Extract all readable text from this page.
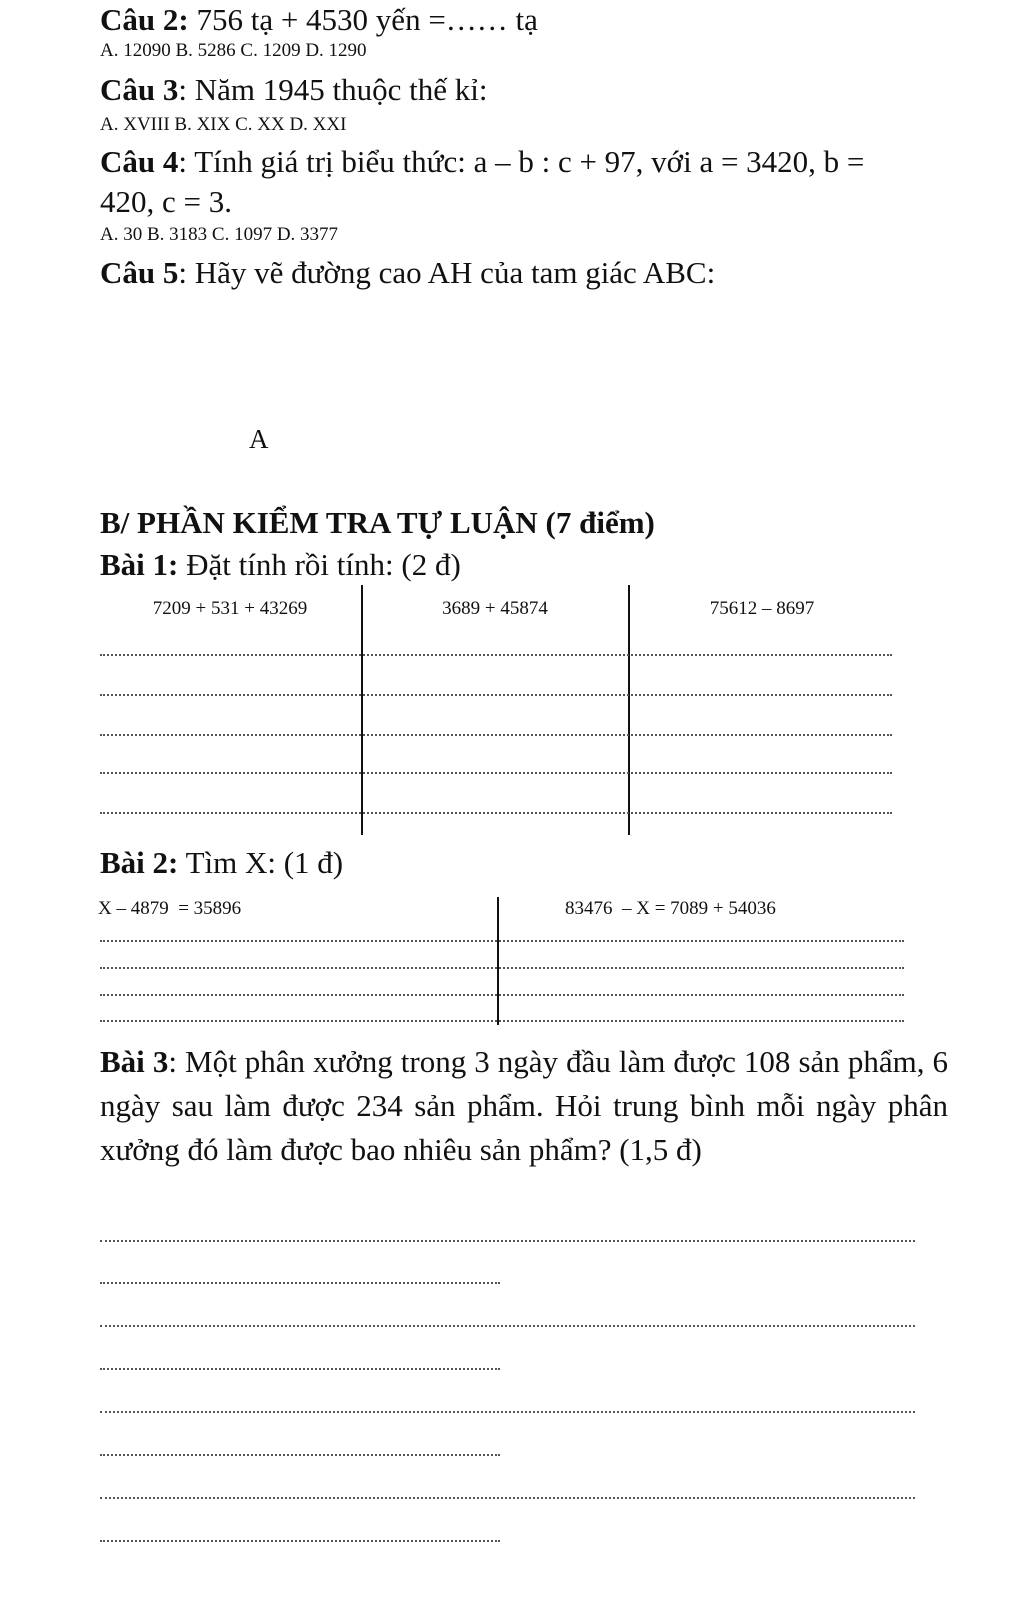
Câu 2: 756 tạ + 4530 yến =…… tạ
A. 12090 B. 5286 C. 1209 D. 1290
Câu 3: Năm 1945 thuộc thế kỉ:
A. XVIII B. XIX C. XX D. XXI
Câu 4: Tính giá trị biểu thức: a – b : c + 97, với a = 3420, b =
420, c = 3.
A. 30 B. 3183 C. 1097 D. 3377
Câu 5: Hãy vẽ đường cao AH của tam giác ABC:
A
B/ PHẦN KIỂM TRA TỰ LUẬN (7 điểm)
Bài 1: Đặt tính rồi tính: (2 đ)
7209 + 531 + 43269	3689 + 45874	75612 – 8697
Bài 2: Tìm X: (1 đ)
X – 4879  = 35896	83476  – X = 7089 + 54036
Bài 3: Một phân xưởng trong 3 ngày đầu làm được 108 sản phẩm, 6 ngày sau làm được 234 sản phẩm. Hỏi trung bình mỗi ngày phân xưởng đó làm được bao nhiêu sản phẩm? (1,5 đ)
